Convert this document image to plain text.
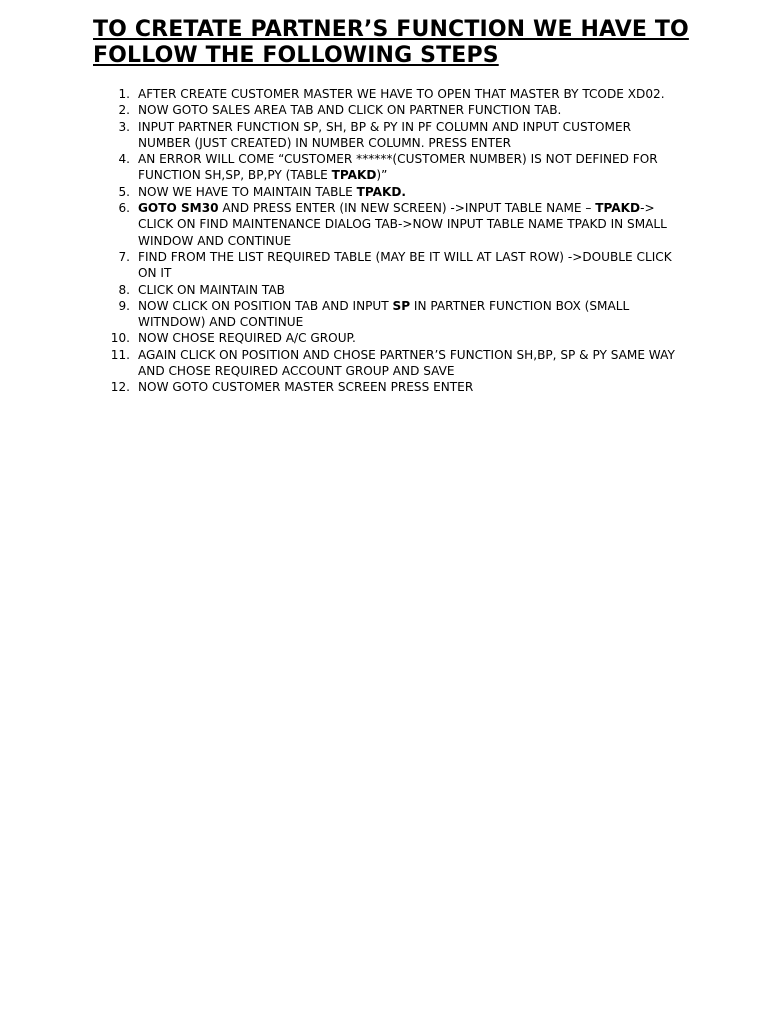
TO CRETATE PARTNER’S FUNCTION WE HAVE TO FOLLOW THE FOLLOWING STEPS
1. AFTER CREATE CUSTOMER MASTER WE HAVE TO OPEN THAT MASTER BY TCODE XD02.
2. NOW GOTO SALES AREA TAB AND CLICK ON PARTNER FUNCTION TAB.
3. INPUT PARTNER FUNCTION SP, SH, BP & PY IN PF COLUMN AND INPUT CUSTOMER NUMBER (JUST CREATED) IN NUMBER COLUMN. PRESS ENTER
4. AN ERROR WILL COME “CUSTOMER ******(CUSTOMER NUMBER) IS NOT DEFINED FOR FUNCTION SH,SP, BP,PY (TABLE TPAKD)”
5. NOW WE HAVE TO MAINTAIN TABLE TPAKD.
6. GOTO SM30 AND PRESS ENTER (IN NEW SCREEN) ->INPUT TABLE NAME – TPAKD-> CLICK ON FIND MAINTENANCE DIALOG TAB->NOW INPUT TABLE NAME TPAKD IN SMALL WINDOW AND CONTINUE
7. FIND FROM THE LIST REQUIRED TABLE (MAY BE IT WILL AT LAST ROW) ->DOUBLE CLICK ON IT
8. CLICK ON MAINTAIN TAB
9. NOW CLICK ON POSITION TAB AND INPUT SP IN PARTNER FUNCTION BOX (SMALL WITNDOW) AND CONTINUE
10. NOW CHOSE REQUIRED A/C GROUP.
11. AGAIN CLICK ON POSITION AND CHOSE PARTNER’S FUNCTION SH,BP, SP & PY SAME WAY AND CHOSE REQUIRED ACCOUNT GROUP AND SAVE
12. NOW GOTO CUSTOMER MASTER SCREEN PRESS ENTER
